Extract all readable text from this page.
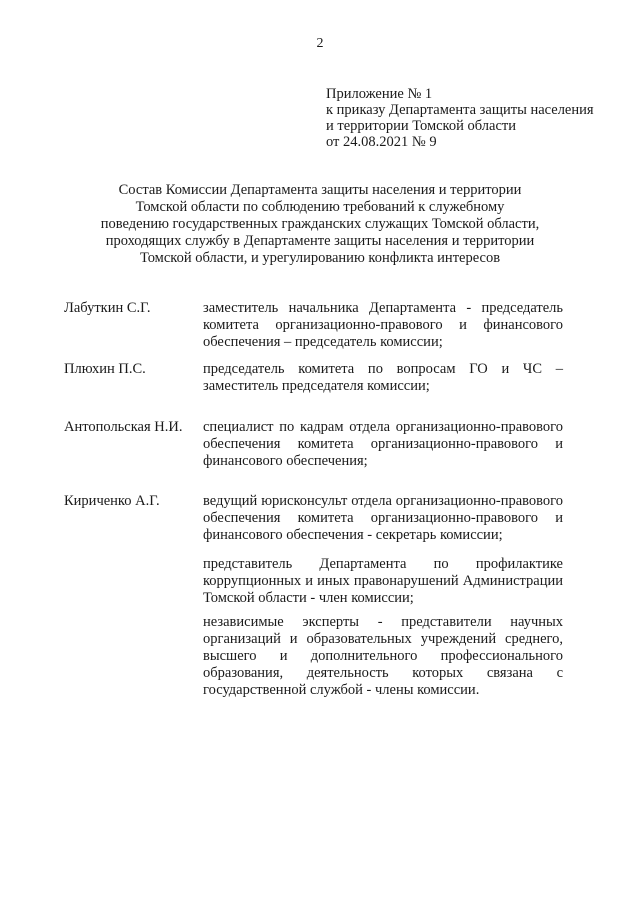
2
Приложение № 1
к приказу Департамента защиты населения
и территории Томской области
от 24.08.2021 № 9
Состав Комиссии Департамента защиты населения и территории
Томской области по соблюдению требований к служебному
поведению государственных гражданских служащих Томской области,
проходящих службу в Департаменте защиты населения и территории
Томской области, и урегулированию конфликта интересов
Лабуткин С.Г.	заместитель начальника Департамента - председатель комитета организационно-правового и финансового обеспечения – председатель комиссии;
Плюхин П.С.	председатель комитета по вопросам ГО и ЧС – заместитель председателя комиссии;
Антопольская Н.И. специалист по кадрам отдела организационно-правового обеспечения комитета организационно-правового и финансового обеспечения;
Кириченко А.Г.	ведущий юрисконсульт отдела организационно-правового обеспечения комитета организационно-правового и финансового обеспечения - секретарь комиссии;
представитель Департамента по профилактике коррупционных и иных правонарушений Администрации Томской области - член комиссии;
независимые эксперты - представители научных организаций и образовательных учреждений среднего, высшего и дополнительного профессионального образования, деятельность которых связана с государственной службой - члены комиссии.
